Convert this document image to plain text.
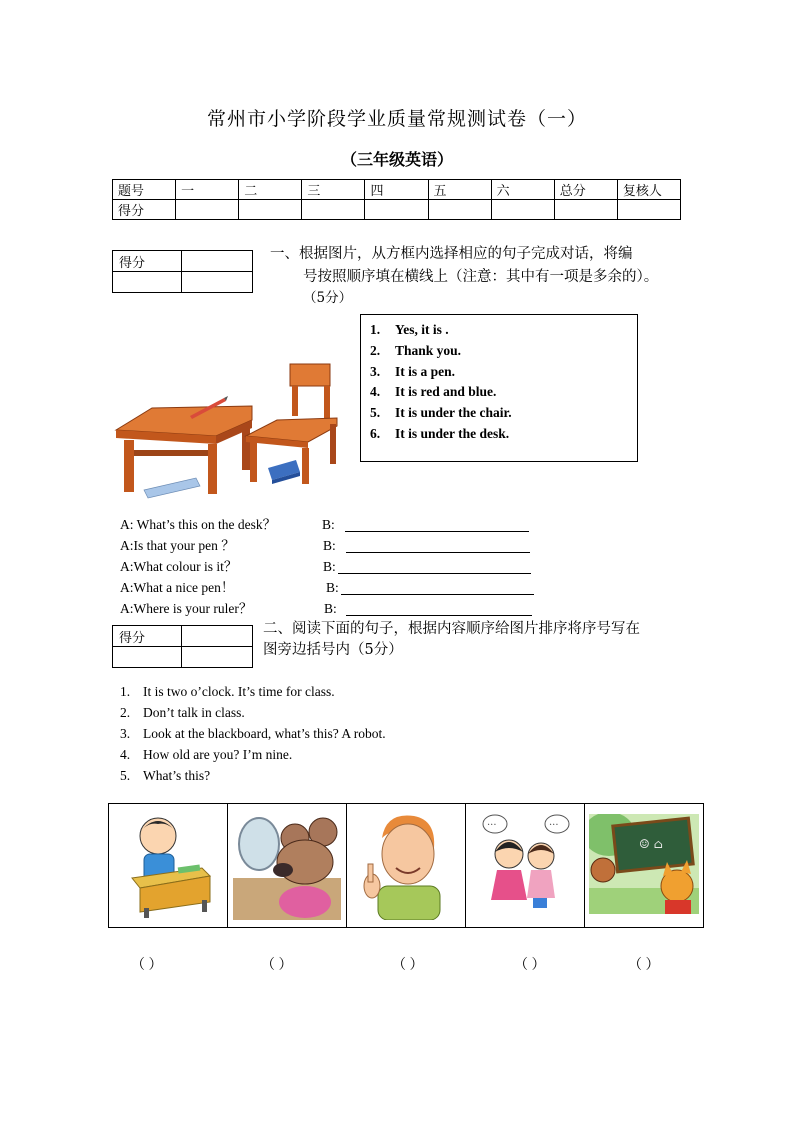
常州市小学阶段学业质量常规测试卷（一）
（三年级英语）
题号	一	二	三	四	五	六	总分	复核人
得分								
得分	

一、根据图片，从方框内选择相应的句子完成对话，将编
号按照顺序填在横线上（注意：其中有一项是多余的）。
（5分）
1. Yes, it is .
2. Thank you.
3. It is a pen.
4. It is red and blue.
5. It is under the chair.
6. It is under the desk.
A: What’s this on the desk？	B:
A:Is that your pen ？	B:
A:What colour is it？	B:
A:What a nice pen！	B:
A:Where is your ruler？	B:
得分	

二、阅读下面的句子，根据内容顺序给图片排序将序号写在
图旁边括号内（5分）
1. It is two o’clock. It’s time for class.
2. Don’t talk in class.
3. Look at the blackboard, what’s this? A robot.
4. How old are you? I’m nine.
5. What’s this?

···	···

☺ ⌂
（ ）	（ ）	（ ）	（ ）	（ ）
